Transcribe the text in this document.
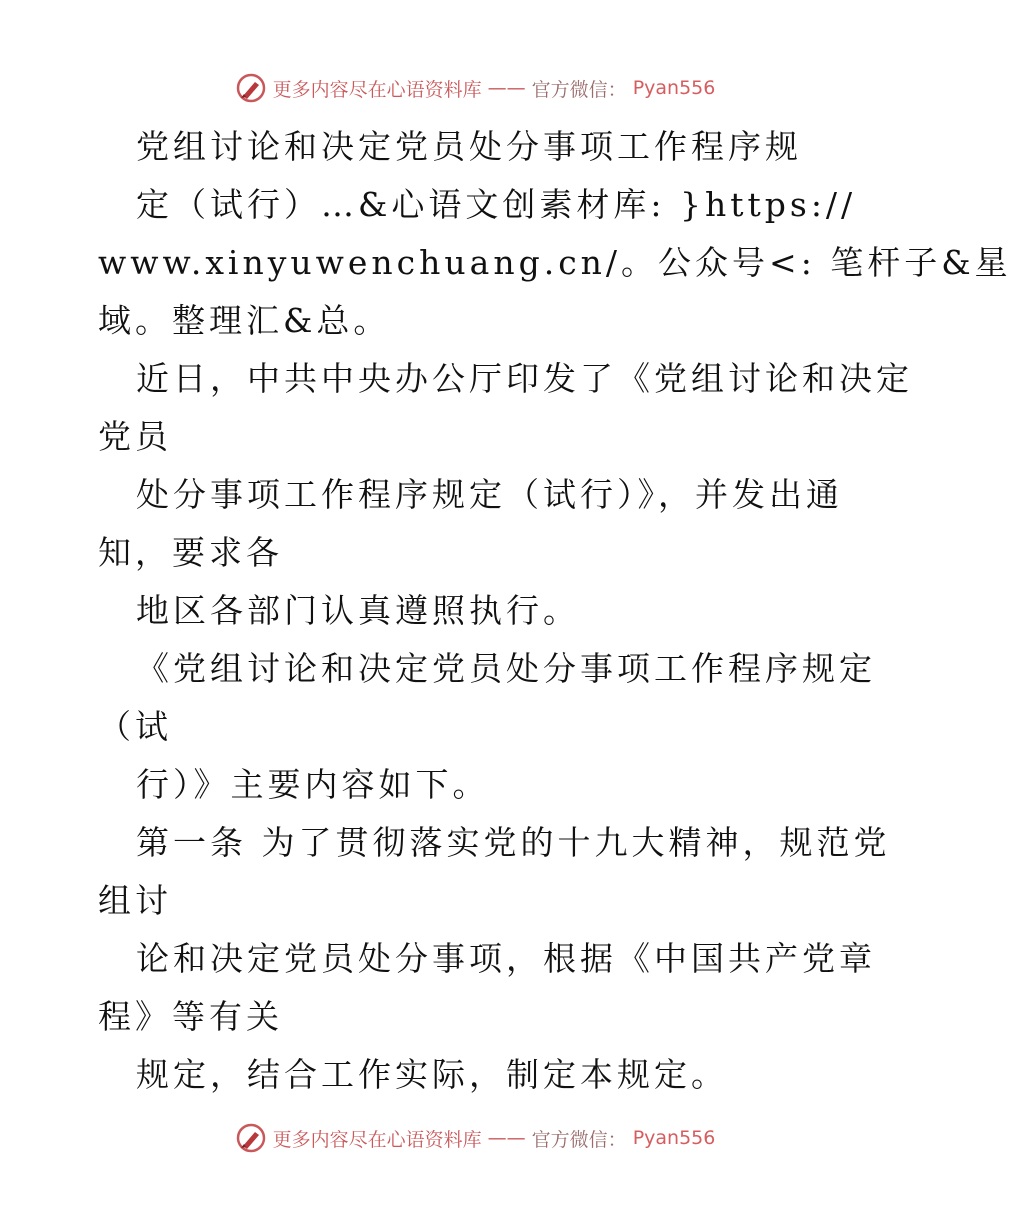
更多内容尽在心语资料库 —— 官方微信： Pyan556
党组讨论和决定党员处分事项工作程序规
定（试行）…&心语文创素材库: }https://
www.xinyuwenchuang.cn/。公众号<: 笔杆子&星
域。整理汇&总。
近日，中共中央办公厅印发了《党组讨论和决定
党员
处分事项工作程序规定（试行）》，并发出通
知，要求各
地区各部门认真遵照执行。
《党组讨论和决定党员处分事项工作程序规定
（试
行）》主要内容如下。
第一条 为了贯彻落实党的十九大精神，规范党
组讨
论和决定党员处分事项，根据《中国共产党章
程》等有关
规定，结合工作实际，制定本规定。
更多内容尽在心语资料库 —— 官方微信： Pyan556
